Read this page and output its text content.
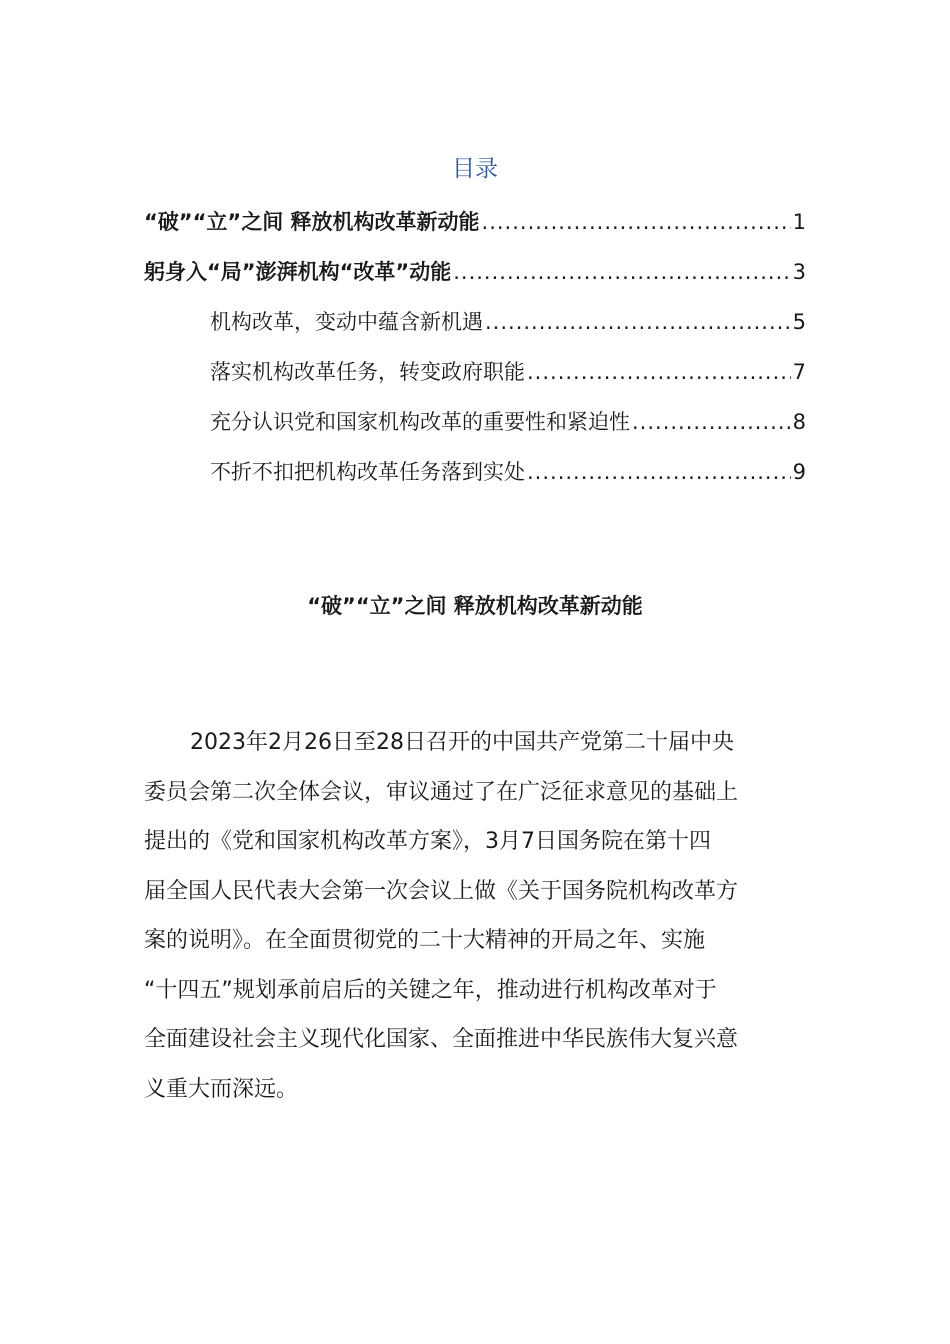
目录
“破”“立”之间 释放机构改革新动能 .....	1
躬身入“局”澎湃机构“改革”动能 .....	3
机构改革，变动中蕴含新机遇 .....	5
落实机构改革任务，转变政府职能 .....	7
充分认识党和国家机构改革的重要性和紧迫性 .....	8
不折不扣把机构改革任务落到实处 .....	9
“破”“立”之间 释放机构改革新动能

2023年2月26日至28日召开的中国共产党第二十届中央
委员会第二次全体会议，审议通过了在广泛征求意见的基础上
提出的《党和国家机构改革方案》，3月7日国务院在第十四
届全国人民代表大会第一次会议上做《关于国务院机构改革方
案的说明》。在全面贯彻党的二十大精神的开局之年、实施
“十四五”规划承前启后的关键之年，推动进行机构改革对于
全面建设社会主义现代化国家、全面推进中华民族伟大复兴意
义重大而深远。
